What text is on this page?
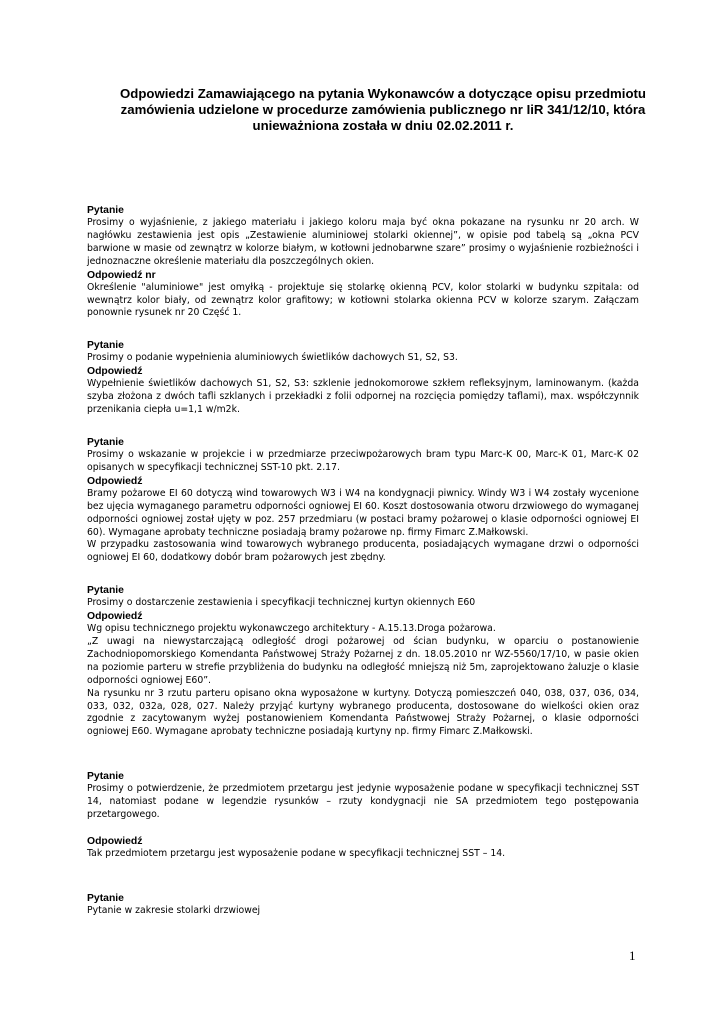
Odpowiedzi Zamawiającego na pytania Wykonawców a dotyczące opisu przedmiotu zamówienia udzielone w procedurze zamówienia publicznego nr IiR 341/12/10, która unieważniona została w dniu 02.02.2011 r.
Pytanie

Prosimy o wyjaśnienie, z jakiego materiału i jakiego koloru maja być okna pokazane na rysunku nr 20 arch. W nagłówku zestawienia jest opis „Zestawienie aluminiowej stolarki okiennej”, w opisie pod tabelą są „okna PCV barwione w masie od zewnątrz w kolorze białym, w kotłowni jednobarwne szare” prosimy o wyjaśnienie rozbieżności i jednoznaczne określenie materiału dla poszczególnych okien.

Odpowiedź nr

Określenie "aluminiowe" jest omyłką - projektuje się stolarkę okienną PCV, kolor stolarki w budynku szpitala: od wewnątrz kolor biały, od zewnątrz kolor grafitowy; w kotłowni stolarka okienna PCV w kolorze szarym. Załączam ponownie rysunek nr 20 Część 1.

Pytanie

Prosimy o podanie wypełnienia aluminiowych świetlików dachowych S1, S2, S3.

Odpowiedź

Wypełnienie świetlików dachowych S1, S2, S3: szklenie jednokomorowe szkłem refleksyjnym, laminowanym. (każda szyba złożona z dwóch tafli szklanych i przekładki z folii odpornej na rozcięcia pomiędzy taflami), max. współczynnik przenikania ciepła u=1,1 w/m2k.

Pytanie

Prosimy o wskazanie w projekcie i w przedmiarze przeciwpożarowych bram typu Marc-K 00, Marc-K 01, Marc-K 02 opisanych w specyfikacji technicznej SST-10 pkt. 2.17.

Odpowiedź

Bramy pożarowe EI 60 dotyczą wind towarowych W3 i W4 na kondygnacji piwnicy. Windy W3 i W4 zostały wycenione bez ujęcia wymaganego parametru odporności ogniowej EI 60. Koszt dostosowania otworu drzwiowego do wymaganej odporności ogniowej został ujęty w poz. 257 przedmiaru (w postaci bramy pożarowej o klasie odporności ogniowej EI 60). Wymagane aprobaty techniczne posiadają bramy pożarowe np. firmy Fimarc Z.Małkowski.

W przypadku zastosowania wind towarowych wybranego producenta, posiadających wymagane drzwi o odporności ogniowej EI 60, dodatkowy dobór bram pożarowych jest zbędny.

Pytanie

Prosimy o dostarczenie zestawienia i specyfikacji technicznej kurtyn okiennych E60

Odpowiedź

Wg opisu technicznego projektu wykonawczego architektury - A.15.13.Droga pożarowa.

„Z uwagi na niewystarczającą odległość drogi pożarowej od ścian budynku, w oparciu o postanowienie Zachodniopomorskiego Komendanta Państwowej Straży Pożarnej z dn. 18.05.2010 nr WZ-5560/17/10, w pasie okien na poziomie parteru w strefie przybliżenia do budynku na odległość mniejszą niż 5m, zaprojektowano żaluzje o klasie odporności ogniowej E60”.

Na rysunku nr 3 rzutu parteru opisano okna wyposażone w kurtyny. Dotyczą pomieszczeń 040, 038, 037, 036, 034, 033, 032, 032a, 028, 027. Należy przyjąć kurtyny wybranego producenta, dostosowane do wielkości okien oraz zgodnie z zacytowanym wyżej postanowieniem Komendanta Państwowej Straży Pożarnej, o klasie odporności ogniowej E60. Wymagane aprobaty techniczne posiadają kurtyny np. firmy Fimarc Z.Małkowski.

Pytanie

Prosimy o potwierdzenie, że przedmiotem przetargu jest jedynie wyposażenie podane w specyfikacji technicznej SST 14, natomiast podane w legendzie rysunków – rzuty kondygnacji nie SA przedmiotem tego postępowania przetargowego.

Odpowiedź

Tak przedmiotem przetargu jest wyposażenie podane w specyfikacji technicznej SST – 14.

Pytanie

Pytanie w zakresie stolarki drzwiowej

1
